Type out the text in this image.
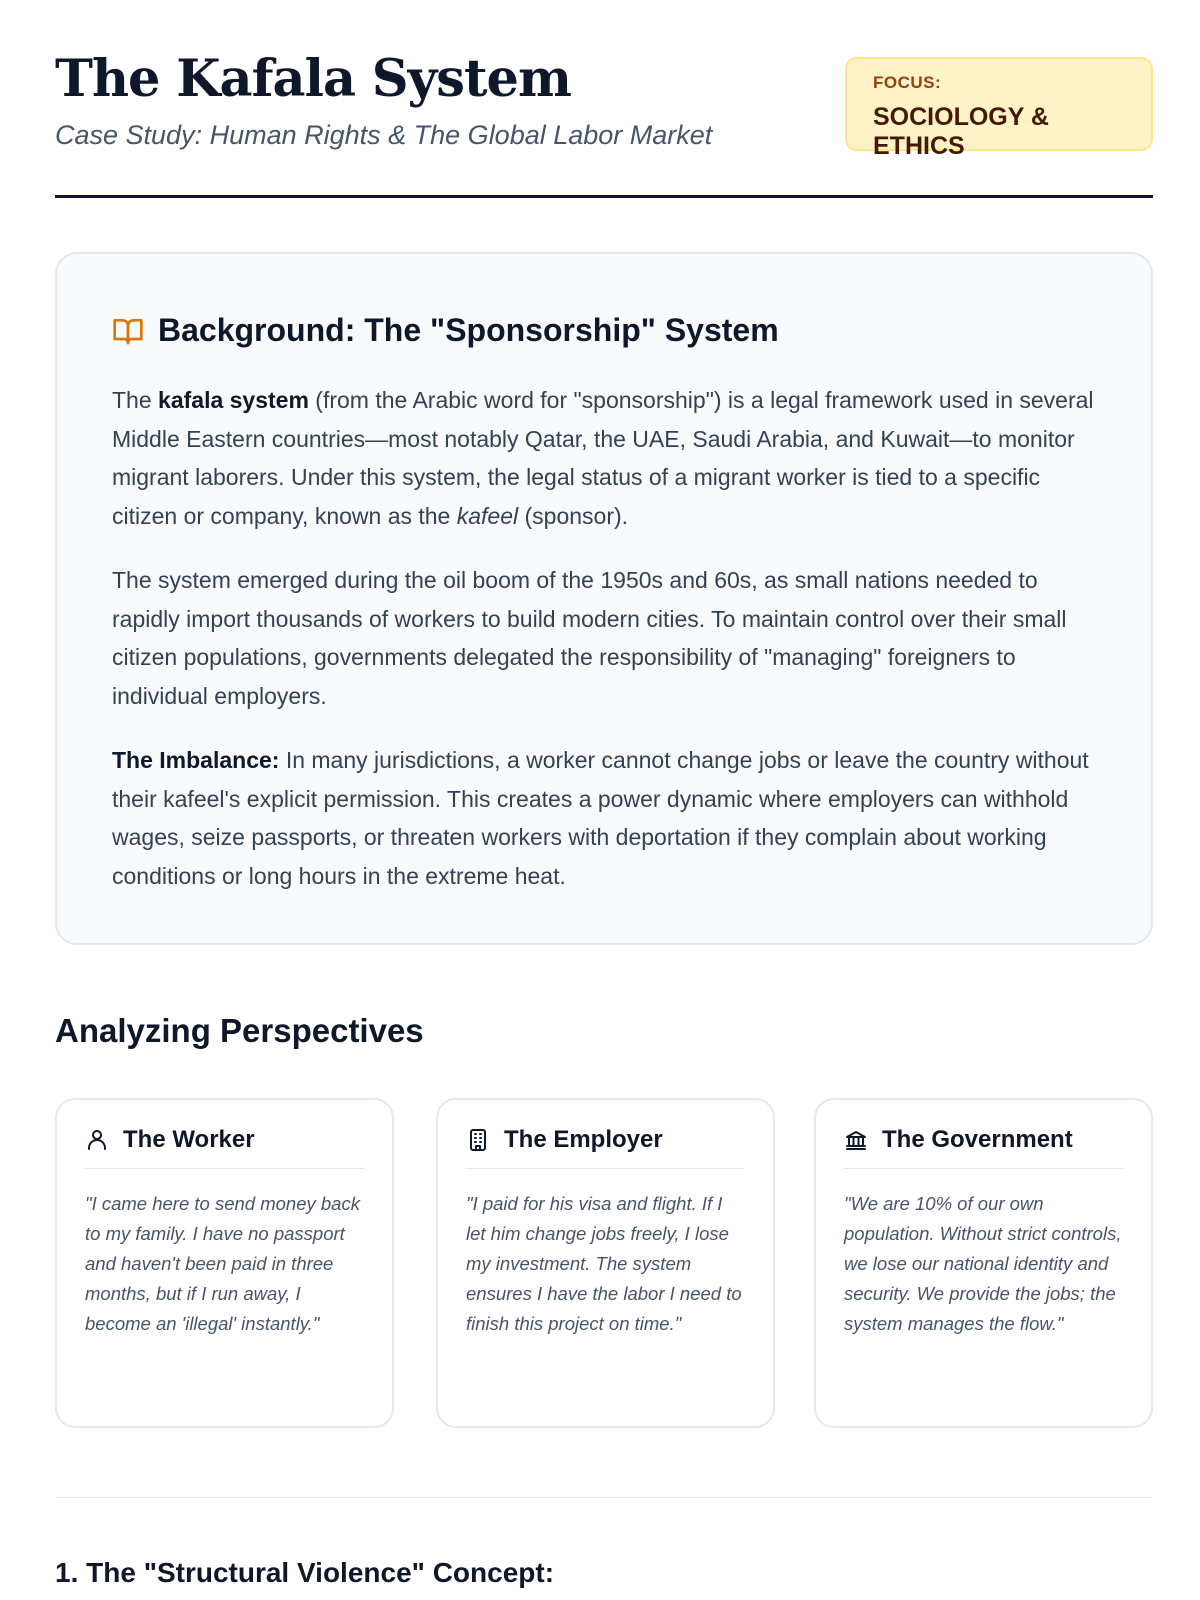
The Kafala System
Case Study: Human Rights & The Global Labor Market
FOCUS:
SOCIOLOGY & ETHICS
Background: The "Sponsorship" System

The kafala system (from the Arabic word for "sponsorship") is a legal framework used in several Middle Eastern countries—most notably Qatar, the UAE, Saudi Arabia, and Kuwait—to monitor migrant laborers. Under this system, the legal status of a migrant worker is tied to a specific citizen or company, known as the kafeel (sponsor).

The system emerged during the oil boom of the 1950s and 60s, as small nations needed to rapidly import thousands of workers to build modern cities. To maintain control over their small citizen populations, governments delegated the responsibility of "managing" foreigners to individual employers.

The Imbalance: In many jurisdictions, a worker cannot change jobs or leave the country without their kafeel's explicit permission. This creates a power dynamic where employers can withhold wages, seize passports, or threaten workers with deportation if they complain about working conditions or long hours in the extreme heat.

Analyzing Perspectives
The Worker

"I came here to send money back to my family. I have no passport and haven't been paid in three months, but if I run away, I become an 'illegal' instantly."

The Employer

"I paid for his visa and flight. If I let him change jobs freely, I lose my investment. The system ensures I have the labor I need to finish this project on time."

The Government

"We are 10% of our own population. Without strict controls, we lose our national identity and security. We provide the jobs; the system manages the flow."

1. The "Structural Violence" Concept:
